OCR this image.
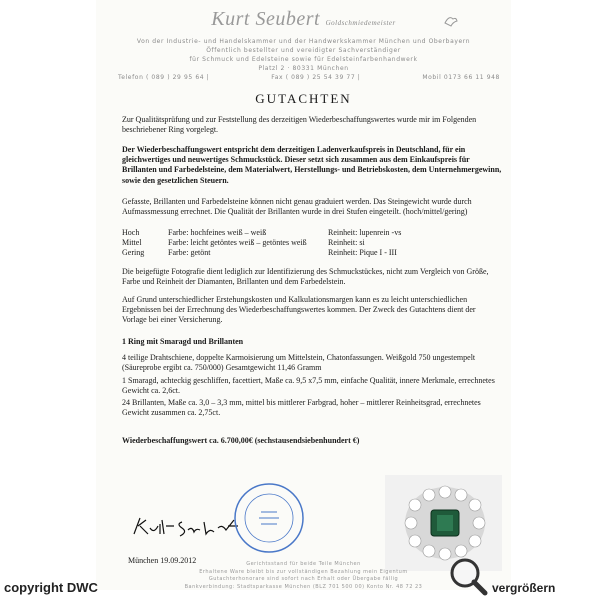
Kurt Seubert Goldschmiedemeister
Von der Industrie- und Handelskammer und der Handwerkskammer München und Oberbayern
Öffentlich bestellter und vereidigter Sachverständiger
für Schmuck und Edelsteine sowie für Edelsteinfarbenhandwerk
Platzl 2 · 80331 München
Telefon ( 089 ) 29 95 64 |	Fax ( 089 ) 25 54 39 77 |	Mobil 0173 66 11 948
GUTACHTEN
Zur Qualitätsprüfung und zur Feststellung des derzeitigen Wiederbeschaffungswertes wurde mir im Folgenden beschriebener Ring vorgelegt.
Der Wiederbeschaffungswert entspricht dem derzeitigen Ladenverkaufspreis in Deutschland, für ein gleichwertiges und neuwertiges Schmuckstück. Dieser setzt sich zusammen aus dem Einkaufspreis für Brillanten und Farbedelsteine, dem Materialwert, Herstellungs- und Betriebskosten, dem Unternehmergewinn, sowie den gesetzlichen Steuern.
Gefasste, Brillanten und Farbedelsteine können nicht genau graduiert werden. Das Steingewicht wurde durch Aufmassmessung errechnet. Die Qualität der Brillanten wurde in drei Stufen eingeteilt. (hoch/mittel/gering)
Hoch	Farbe: hochfeines weiß – weiß	Reinheit: lupenrein -vs
Mittel	Farbe: leicht getöntes weiß – getöntes weiß	Reinheit: si
Gering	Farbe: getönt	Reinheit: Pique I - III
Die beigefügte Fotografie dient lediglich zur Identifizierung des Schmuckstückes, nicht zum Vergleich von Größe, Farbe und Reinheit der Diamanten, Brillanten und dem Farbedelstein.
Auf Grund unterschiedlicher Erstehungskosten und Kalkulationsmargen kann es zu leicht unterschiedlichen Ergebnissen bei der Errechnung des Wiederbeschaffungswertes kommen. Der Zweck des Gutachtens dient der Vorlage bei einer Versicherung.
1 Ring mit Smaragd und Brillanten
4 teilige Drahtschiene, doppelte Karmoisierung um Mittelstein, Chatonfassungen. Weißgold 750 ungestempelt (Säureprobe ergibt ca. 750/000) Gesamtgewicht 11,46 Gramm
1 Smaragd, achteckig geschliffen, facettiert, Maße ca. 9,5 x7,5 mm, einfache Qualität, innere Merkmale, errechnetes Gewicht ca. 2,6ct.
24 Brillanten, Maße ca. 3,0 – 3,3 mm, mittel bis mittlerer Farbgrad, hoher – mittlerer Reinheitsgrad, errechnetes Gewicht zusammen ca. 2,75ct.
Wiederbeschaffungswert ca. 6.700,00€ (sechstausendsiebenhundert €)
München 19.09.2012	Gerichtsstand für beide Teile München
Erhaltene Ware bleibt bis zur vollständigen Bezahlung mein Eigentum
Gutachterhonorare sind sofort nach Erhalt oder Übergabe fällig
Bankverbindung: Stadtsparkasse München (BLZ 701 500 00) Konto Nr. 48 72 23
copyright DWC	vergrößern
